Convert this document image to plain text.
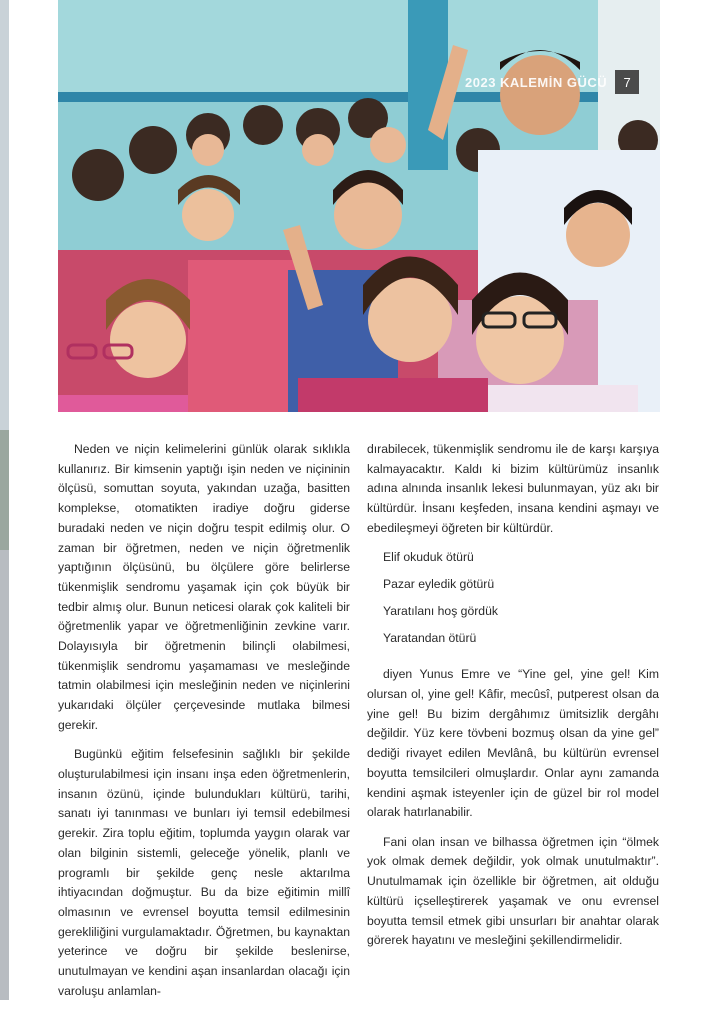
2023 KALEMİN GÜCÜ	7

Neden ve niçin kelimelerini günlük olarak sıklıkla kullanırız. Bir kimsenin yaptığı işin neden ve niçininin ölçüsü, somuttan soyuta, yakından uzağa, basitten komplekse, otomatikten iradiye doğru giderse buradaki neden ve niçin doğru tespit edilmiş olur. O zaman bir öğretmen, neden ve niçin öğretmenlik yaptığının ölçüsünü, bu ölçülere göre belirlerse tükenmişlik sendromu yaşamak için çok büyük bir tedbir almış olur. Bunun neticesi olarak çok kaliteli bir öğretmenlik yapar ve öğretmenliğinin zevkine varır. Dolayısıyla bir öğretmenin bilinçli olabilmesi, tükenmişlik sendromu yaşamaması ve mesleğinde tatmin olabilmesi için mesleğinin neden ve niçinlerini yukarıdaki ölçüler çerçevesinde mutlaka bilmesi gerekir.

Bugünkü eğitim felsefesinin sağlıklı bir şekilde oluşturulabilmesi için insanı inşa eden öğretmenlerin, insanın özünü, içinde bulundukları kültürü, tarihi, sanatı iyi tanınması ve bunları iyi temsil edebilmesi gerekir. Zira toplu eğitim, toplumda yaygın olarak var olan bilginin sistemli, geleceğe yönelik, planlı ve programlı bir şekilde genç nesle aktarılma ihtiyacından doğmuştur. Bu da bize eğitimin millî olmasının ve evrensel boyutta temsil edilmesinin gerekliliğini vurgulamaktadır. Öğretmen, bu kaynaktan yeterince ve doğru bir şekilde beslenirse, unutulmayan ve kendini aşan insanlardan olacağı için varoluşu anlamlan-

dırabilecek, tükenmişlik sendromu ile de karşı karşıya kalmayacaktır. Kaldı ki bizim kültürümüz insanlık adına alnında insanlık lekesi bulunmayan, yüz akı bir kültürdür. İnsanı keşfeden, insana kendini aşmayı ve ebedileşmeyi öğreten bir kültürdür.

Elif okuduk ötürü
Pazar eyledik götürü
Yaratılanı hoş gördük
Yaratandan ötürü

diyen Yunus Emre ve “Yine gel, yine gel! Kim olursan ol, yine gel! Kâfir, mecûsî, putperest olsan da yine gel! Bu bizim dergâhımız ümitsizlik dergâhı değildir. Yüz kere tövbeni bozmuş olsan da yine gel” dediği rivayet edilen Mevlânâ, bu kültürün evrensel boyutta temsilcileri olmuşlardır. Onlar aynı zamanda kendini aşmak isteyenler için de güzel bir rol model olarak hatırlanabilir.

Fani olan insan ve bilhassa öğretmen için “ölmek yok olmak demek değildir, yok olmak unutulmaktır”. Unutulmamak için özellikle bir öğretmen, ait olduğu kültürü içselleştirerek yaşamak ve onu evrensel boyutta temsil etmek gibi unsurları bir anahtar olarak görerek hayatını ve mesleğini şekillendirmelidir.
